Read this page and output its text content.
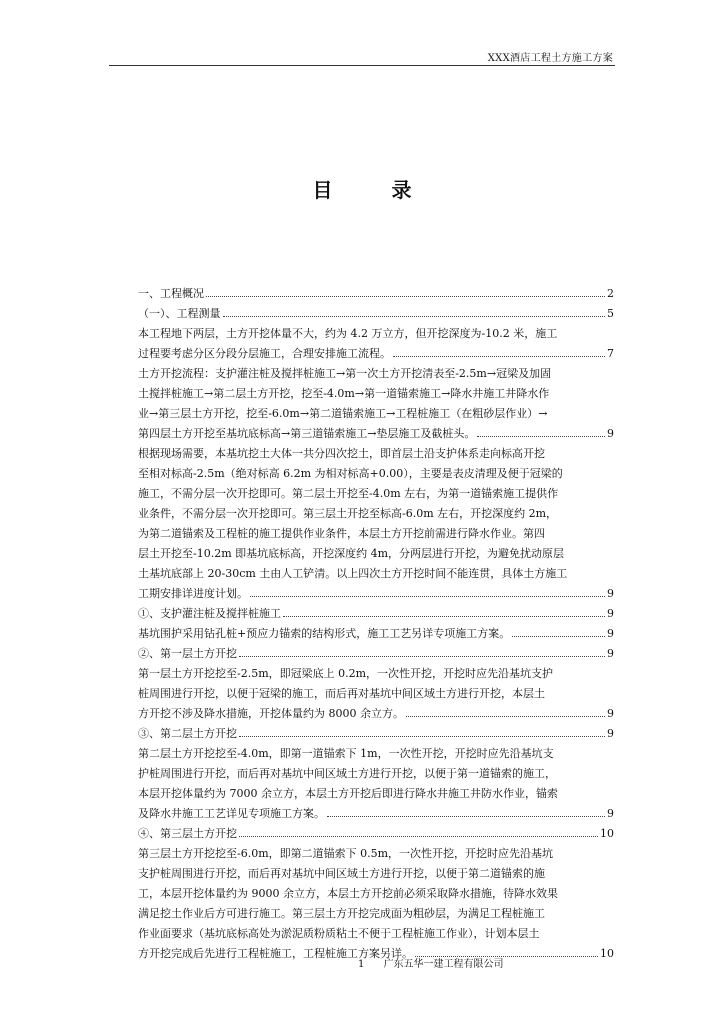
XXX酒店工程土方施工方案
目 录
一、工程概况	2
（一）、工程测量	5
本工程地下两层，土方开挖体量不大，约为 4.2 万立方，但开挖深度为-10.2 米，施工
过程要考虑分区分段分层施工，合理安排施工流程。	7
土方开挖流程：支护灌注桩及搅拌桩施工→第一次土方开挖清表至-2.5m→冠梁及加固
土搅拌桩施工→第二层土方开挖，挖至-4.0m→第一道锚索施工→降水井施工井降水作
业→第三层土方开挖，挖至-6.0m→第二道锚索施工→工程桩施工（在粗砂层作业）→
第四层土方开挖至基坑底标高→第三道锚索施工→垫层施工及截桩头。	9
根据现场需要，本基坑挖土大体一共分四次挖土，即首层土沿支护体系走向标高开挖
至相对标高-2.5m（绝对标高 6.2m 为相对标高+0.00），主要是表皮清理及便于冠梁的
施工，不需分层一次开挖即可。第二层土开挖至-4.0m 左右，为第一道锚索施工提供作
业条件，不需分层一次开挖即可。第三层土开挖至标高-6.0m 左右，开挖深度约 2m，
为第二道锚索及工程桩的施工提供作业条件，本层土方开挖前需进行降水作业。第四
层土开挖至-10.2m 即基坑底标高，开挖深度约 4m，分两层进行开挖，为避免扰动原层
土基坑底部上 20-30cm 土由人工铲清。以上四次土方开挖时间不能连贯，具体土方施工
工期安排详进度计划。	9
①、支护灌注桩及搅拌桩施工	9
基坑围护采用钻孔桩+预应力锚索的结构形式，施工工艺另详专项施工方案。	9
②、第一层土方开挖	9
第一层土方开挖挖至-2.5m，即冠梁底上 0.2m，一次性开挖，开挖时应先沿基坑支护
桩周围进行开挖，以便于冠梁的施工，而后再对基坑中间区域土方进行开挖，本层土
方开挖不涉及降水措施，开挖体量约为 8000 余立方。	9
③、第二层土方开挖	9
第二层土方开挖挖至-4.0m，即第一道锚索下 1m，一次性开挖，开挖时应先沿基坑支
护桩周围进行开挖，而后再对基坑中间区域土方进行开挖，以便于第一道锚索的施工，
本层开挖体量约为 7000 余立方，本层土方开挖后即进行降水井施工井防水作业，锚索
及降水井施工工艺详见专项施工方案。	9
④、第三层土方开挖	10
第三层土方开挖挖至-6.0m，即第二道锚索下 0.5m，一次性开挖，开挖时应先沿基坑
支护桩周围进行开挖，而后再对基坑中间区域土方进行开挖，以便于第二道锚索的施
工，本层开挖体量约为 9000 余立方，本层土方开挖前必须采取降水措施，待降水效果
满足挖土作业后方可进行施工。第三层土方开挖完成面为粗砂层，为满足工程桩施工
作业面要求（基坑底标高处为淤泥质粉质粘土不便于工程桩施工作业），计划本层土
方开挖完成后先进行工程桩施工，工程桩施工方案另详。	10
1 广东五华一建工程有限公司
